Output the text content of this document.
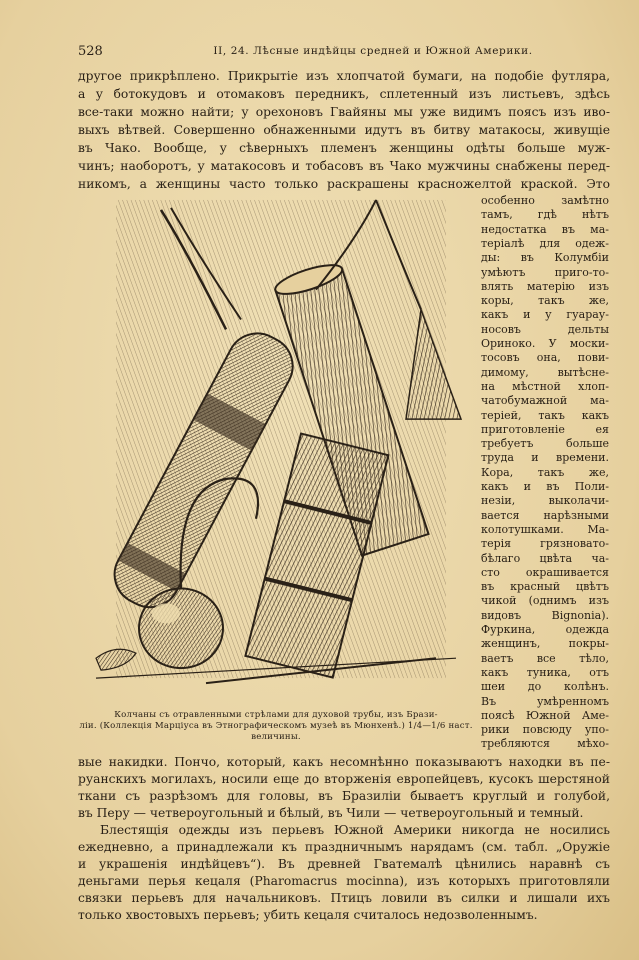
528	II, 24. Лѣсные индѣйцы средней и Южной Америки.
другое прикрѣплено. Прикрытіе изъ хлопчатой бумаги, на подобіе футляра,
а у ботокудовъ и отомаковъ передникъ, сплетенный изъ листьевъ, здѣсь
все-таки можно найти; у ореxоновъ Гвайяны мы уже видимъ поясъ изъ иво-
выхъ вѣтвей. Совершенно обнаженными идутъ въ битву матакосы, живущіе
въ Чако. Вообще, у сѣверныхъ племенъ женщины одѣты больше муж-
чинъ; наоборотъ, у матакосовъ и тобасовъ въ Чако мужчины снабжены перед-
никомъ, а женщины часто только раскрашены красножелтой краской. Это
Колчаны съ отравленными стрѣлами для духовой трубы, изъ Брази-
ліи. (Коллекція Марціуса въ Этнографическомъ музеѣ въ Мюнхенѣ.) 1/4—1/6 наст.
величины.
особенно замѣтно
тамъ, гдѣ нѣтъ
недостатка въ ма-
теріалѣ для одеж-
ды: въ Колумбіи
умѣютъ приго-то-
влять матерію изъ
коры, такъ же,
какъ и у гуарау-
носовъ дельты
Ориноко. У моски-
тосовъ она, пови-
димому, вытѣсне-
на мѣстной хлоп-
чатобумажной ма-
теріей, такъ какъ
приготовленіе ея
требуетъ больше
труда и времени.
Кора, такъ же,
какъ и въ Поли-
незіи, выколачи-
вается нарѣзными
колотушками. Ма-
терія грязновато-
бѣлаго цвѣта ча-
сто окрашивается
въ красный цвѣтъ
чикой (однимъ изъ
видовъ Bignonia).
Фуркина, одежда
женщинъ, покры-
ваетъ все тѣло,
какъ туника, отъ
шеи до колѣнъ.
Въ умѣренномъ
поясѣ Южной Аме-
рики повсюду упо-
требляются мѣхо-
вые накидки. Пончо, который, какъ несомнѣнно показываютъ находки въ пе-
руанскихъ могилахъ, носили еще до вторженія европейцевъ, кусокъ шерстяной
ткани съ разрѣзомъ для головы, въ Бразиліи бываетъ круглый и голубой,
въ Перу — четвероугольный и бѣлый, въ Чили — четвероугольный и темный.
Блестящія одежды изъ перьевъ Южной Америки никогда не носились
ежедневно, а принадлежали къ праздничнымъ нарядамъ (см. табл. „Оружіе
и украшенія индѣйцевъ“). Въ древней Гватемалѣ цѣнились наравнѣ съ
деньгами перья кецаля (Pharomacrus mocinna), изъ которыхъ приготовляли
связки перьевъ для начальниковъ. Птицъ ловили въ силки и лишали ихъ
только хвостовыхъ перьевъ; убить кецаля считалось недозволеннымъ.
